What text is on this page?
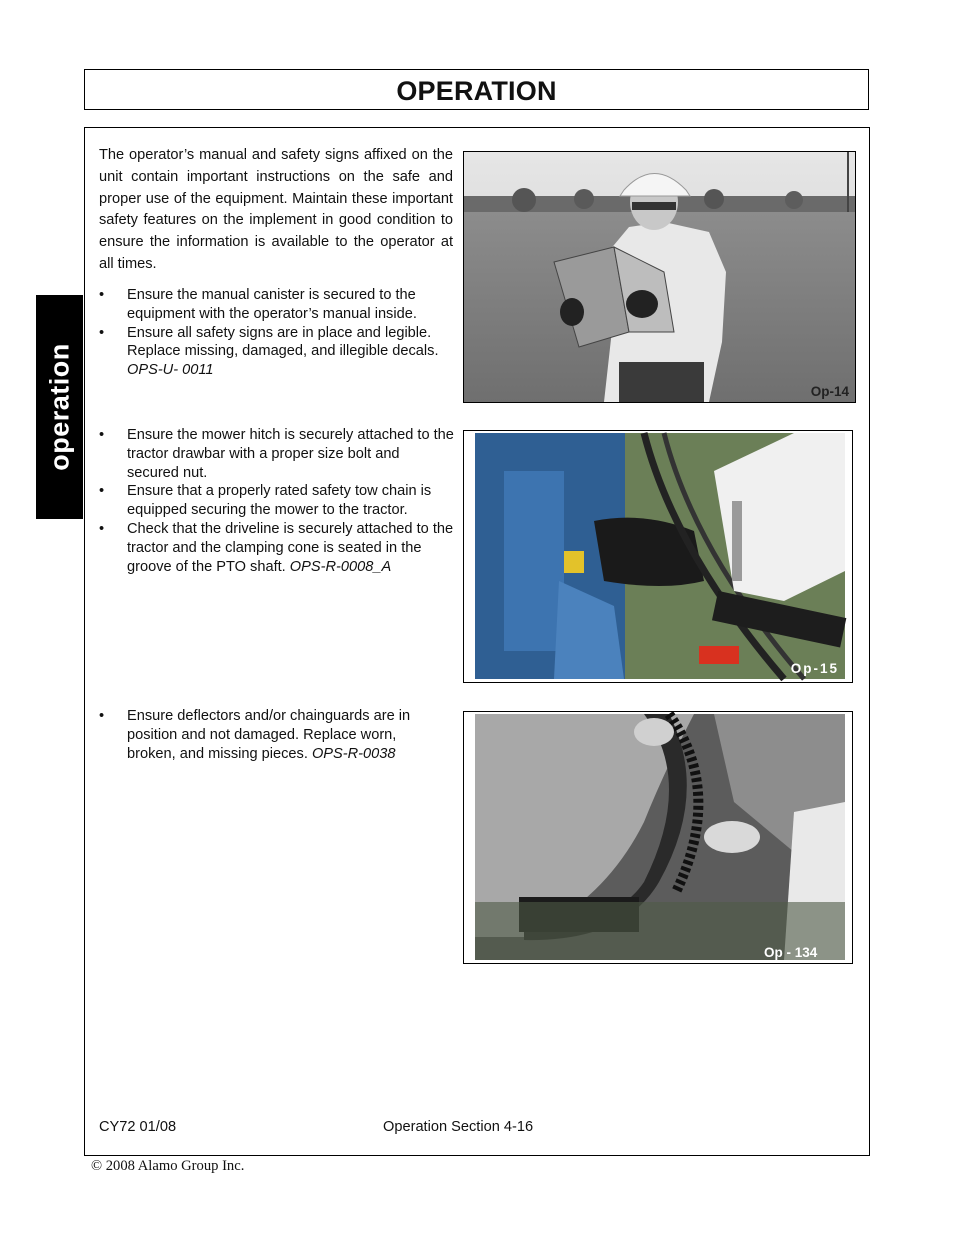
OPERATION
operation
The operator’s manual and safety signs affixed on the unit contain important instructions on the safe and proper use of the equipment. Maintain these important safety features on the implement in good condition to ensure the information is available to the operator at all times.
• Ensure the manual canister is secured to the equipment with the operator’s manual inside.
• Ensure all safety signs are in place and legible. Replace missing, damaged, and illegible decals. OPS-U- 0011
Op-14
• Ensure the mower hitch is securely attached to the tractor drawbar with a proper size bolt and secured nut.
• Ensure that a properly rated safety tow chain is equipped securing the mower to the tractor.
• Check that the driveline is securely attached to the tractor and the clamping cone is seated in the groove of the PTO shaft. OPS-R-0008_A
Op-15
• Ensure deflectors and/or chainguards are in position and not damaged. Replace worn, broken, and missing pieces. OPS-R-0038
Op - 134
CY72 01/08	Operation Section 4-16
© 2008 Alamo Group Inc.
